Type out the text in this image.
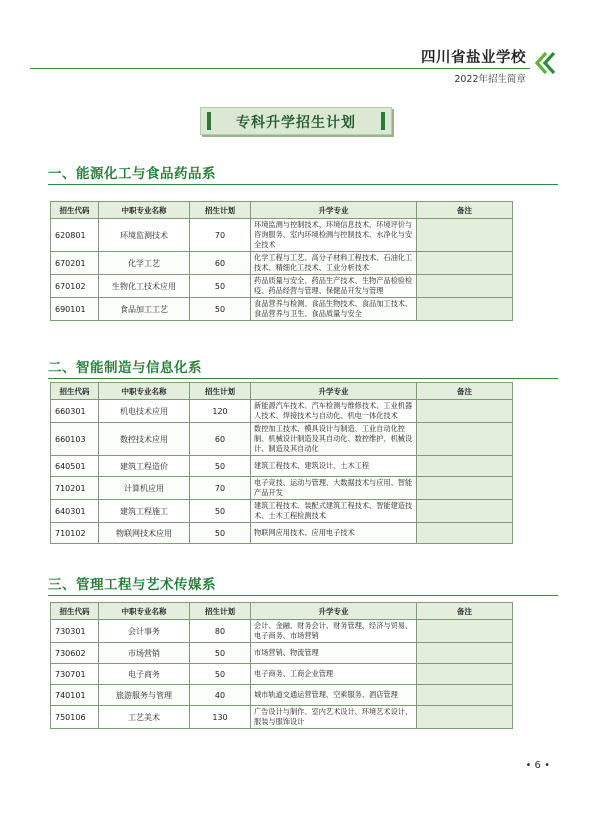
四川省盐业学校
2022年招生简章
专科升学招生计划
一、能源化工与食品药品系
招生代码	中职专业名称	招生计划	升学专业	备注
620801	环境监测技术	70	环境监测与控制技术、环境信息技术、环境评价与咨询服务、室内环境检测与控制技术、水净化与安全技术	
670201	化学工艺	60	化学工程与工艺、高分子材料工程技术、石油化工技术、精细化工技术、工业分析技术	
670102	生物化工技术应用	50	药品质量与安全、药品生产技术、生物产品检验检疫、药品经营与管理、保健品开发与管理	
690101	食品加工工艺	50	食品营养与检测、食品生物技术、食品加工技术、食品营养与卫生、食品质量与安全	
二、智能制造与信息化系
招生代码	中职专业名称	招生计划	升学专业	备注
660301	机电技术应用	120	新能源汽车技术、汽车检测与维修技术、工业机器人技术、焊接技术与自动化、机电一体化技术	
660103	数控技术应用	60	数控加工技术、模具设计与制造、工业自动化控制、机械设计制造及其自动化、数控维护、机械设计、制造及其自动化	
640501	建筑工程造价	50	建筑工程技术、建筑设计、土木工程	
710201	计算机应用	70	电子竞技、运动与管理、大数据技术与应用、智能产品开发	
640301	建筑工程施工	50	建筑工程技术、装配式建筑工程技术、智能建造技术、土木工程检测技术	
710102	物联网技术应用	50	物联网应用技术、应用电子技术	
三、管理工程与艺术传媒系
招生代码	中职专业名称	招生计划	升学专业	备注
730301	会计事务	80	会计、金融、财务会计、财务管理、经济与贸易、电子商务、市场营销	
730602	市场营销	50	市场营销、物流管理	
730701	电子商务	50	电子商务、工商企业管理	
740101	旅游服务与管理	40	城市轨道交通运营管理、空乘服务、酒店管理	
750106	工艺美术	130	广告设计与制作、室内艺术设计、环境艺术设计、服装与服饰设计	
• 6 •
